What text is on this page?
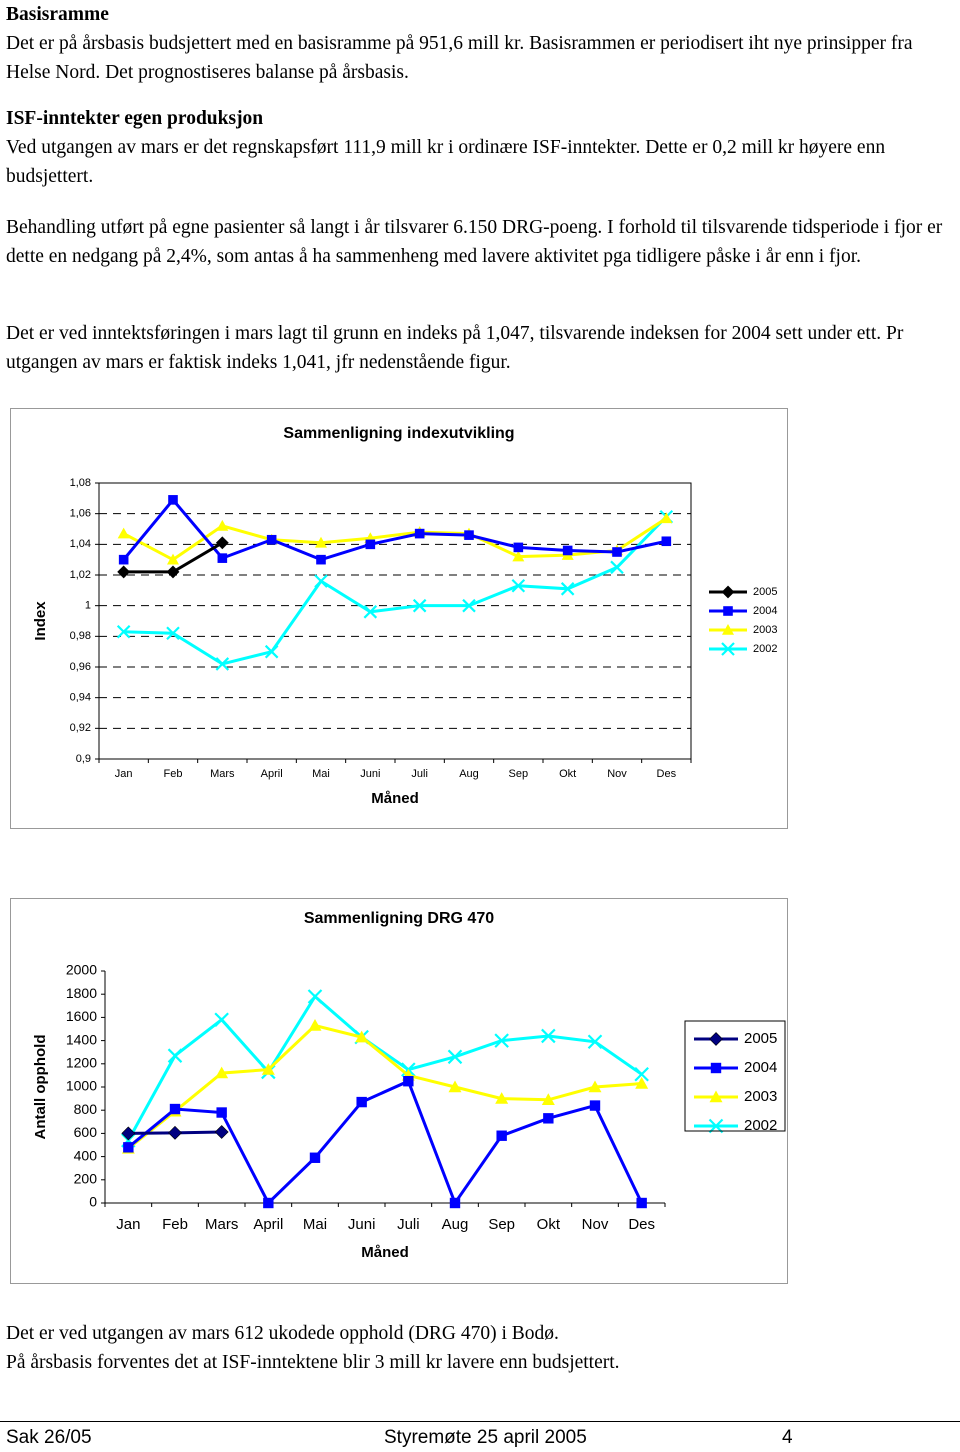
Basisramme

Det er på årsbasis budsjettert med en basisramme på 951,6 mill kr. Basisrammen er periodisert iht nye prinsipper fra Helse Nord. Det prognostiseres balanse på årsbasis.

ISF-inntekter egen produksjon

Ved utgangen av mars er det regnskapsført 111,9 mill kr i ordinære ISF-inntekter. Dette er 0,2 mill kr høyere enn budsjettert.

Behandling utført på egne pasienter så langt i år tilsvarer 6.150 DRG-poeng. I forhold til tilsvarende tidsperiode i fjor er dette en nedgang på 2,4%, som antas å ha sammenheng med lavere aktivitet pga tidligere påske i år enn i fjor.
Det er ved inntektsføringen i mars lagt til grunn en indeks på 1,047, tilsvarende indeksen for 2004 sett under ett. Pr utgangen av mars er faktisk indeks 1,041, jfr nedenstående figur.
Sammenligning indexutvikling
1,08
1,06
1,04
1,02
1
0,98
0,96
0,94
0,92
0,9
Jan	Feb	Mars April	Mai	Juni	Juli	Aug	Sep	Okt	Nov	Des
Måned
Index
2005
2004
2003
2002
Sammenligning DRG 470
2000
1800
1600
1400
1200
1000
800
600
400
200
0
Jan Feb Mars April Mai Juni Juli Aug Sep Okt Nov Des
Måned
Antall opphold	2005
2004
2003
2002

Det er ved utgangen av mars 612 ukodede opphold (DRG 470) i Bodø.

På årsbasis forventes det at ISF-inntektene blir 3 mill kr lavere enn budsjettert.

Sak 26/05	Styremøte 25 april 2005	4
